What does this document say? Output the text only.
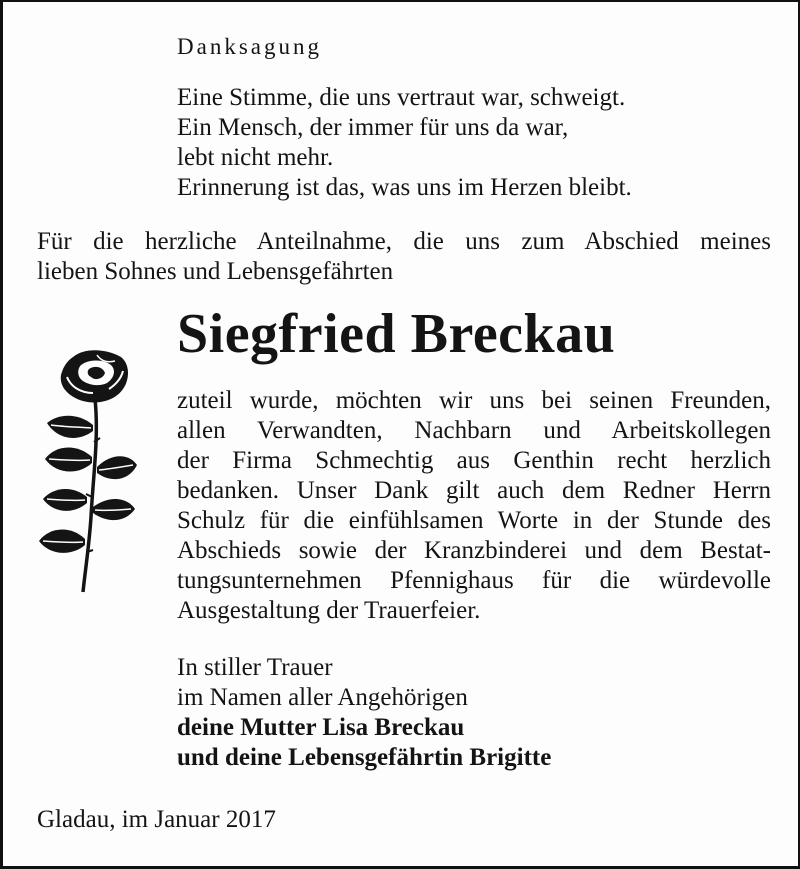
Danksagung
Eine Stimme, die uns vertraut war, schweigt.
Ein Mensch, der immer für uns da war,
lebt nicht mehr.
Erinnerung ist das, was uns im Herzen bleibt.
Für die herzliche Anteilnahme, die uns zum Abschied meines
lieben Sohnes und Lebensgefährten
Siegfried Breckau
zuteil wurde, möchten wir uns bei seinen Freunden,
allen Verwandten, Nachbarn und Arbeitskollegen
der Firma Schmechtig aus Genthin recht herzlich
bedanken. Unser Dank gilt auch dem Redner Herrn
Schulz für die einfühlsamen Worte in der Stunde des
Abschieds sowie der Kranzbinderei und dem Bestat-
tungsunternehmen Pfennighaus für die würdevolle
Ausgestaltung der Trauerfeier.
In stiller Trauer
im Namen aller Angehörigen
deine Mutter Lisa Breckau
und deine Lebensgefährtin Brigitte
Gladau, im Januar 2017
